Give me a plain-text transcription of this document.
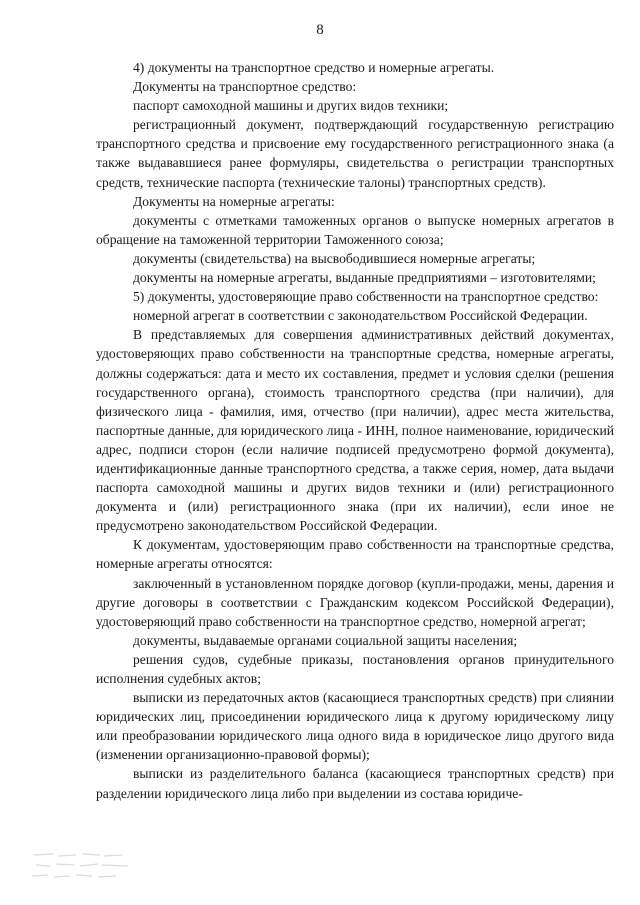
8

4) документы на транспортное средство и номерные агрегаты.

Документы на транспортное средство:

паспорт самоходной машины и других видов техники;

регистрационный документ, подтверждающий государственную регистрацию транспортного средства и присвоение ему государственного регистрационного знака (а также выдававшиеся ранее формуляры, свидетельства о регистрации транспортных средств, технические паспорта (технические талоны) транспортных средств).

Документы на номерные агрегаты:

документы с отметками таможенных органов о выпуске номерных агрегатов в обращение на таможенной территории Таможенного союза;

документы (свидетельства) на высвободившиеся номерные агрегаты;

документы на номерные агрегаты, выданные предприятиями – изготовителями;

5) документы, удостоверяющие право собственности на транспортное средство:

номерной агрегат в соответствии с законодательством Российской Федерации.

В представляемых для совершения административных действий документах, удостоверяющих право собственности на транспортные средства, номерные агрегаты, должны содержаться: дата и место их составления, предмет и условия сделки (решения государственного органа), стоимость транспортного средства (при наличии), для физического лица - фамилия, имя, отчество (при наличии), адрес места жительства, паспортные данные, для юридического лица - ИНН, полное наименование, юридический адрес, подписи сторон (если наличие подписей предусмотрено формой документа), идентификационные данные транспортного средства, а также серия, номер, дата выдачи паспорта самоходной машины и других видов техники и (или) регистрационного документа и (или) регистрационного знака (при их наличии), если иное не предусмотрено законодательством Российской Федерации.

К документам, удостоверяющим право собственности на транспортные средства, номерные агрегаты относятся:

заключенный в установленном порядке договор (купли-продажи, мены, дарения и другие договоры в соответствии с Гражданским кодексом Российской Федерации), удостоверяющий право собственности на транспортное средство, номерной агрегат;

документы, выдаваемые органами социальной защиты населения;

решения судов, судебные приказы, постановления органов принудительного исполнения судебных актов;

выписки из передаточных актов (касающиеся транспортных средств) при слиянии юридических лиц, присоединении юридического лица к другому юридическому лицу или преобразовании юридического лица одного вида в юридическое лицо другого вида (изменении организационно-правовой формы);

выписки из разделительного баланса (касающиеся транспортных средств) при разделении юридического лица либо при выделении из состава юридиче-
